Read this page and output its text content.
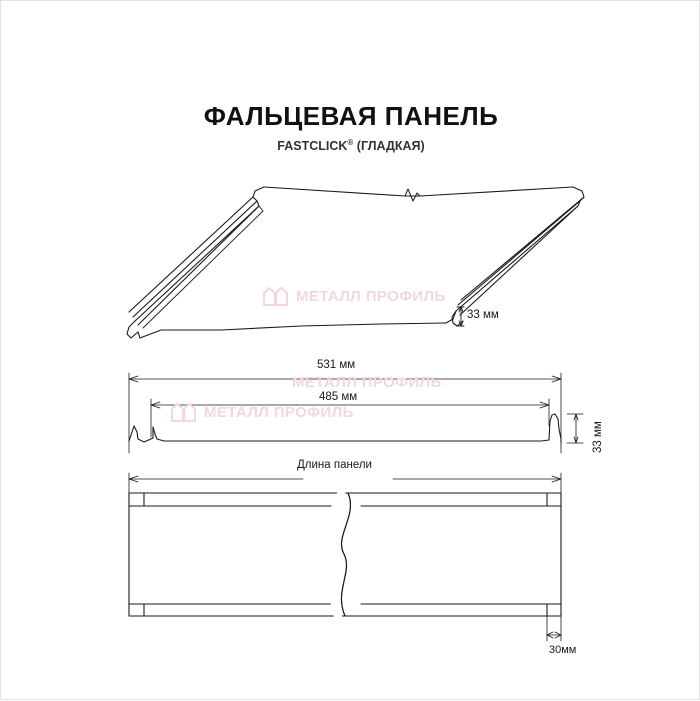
ФАЛЬЦЕВАЯ ПАНЕЛЬ
FASTCLICK® (ГЛАДКАЯ)
МЕТАЛЛ ПРОФИЛЬ
МЕТАЛЛ ПРОФИЛЬ
МЕТАЛЛ ПРОФИЛЬ
33 мм
531 мм
485 мм
33 мм
Длина панели
30мм
